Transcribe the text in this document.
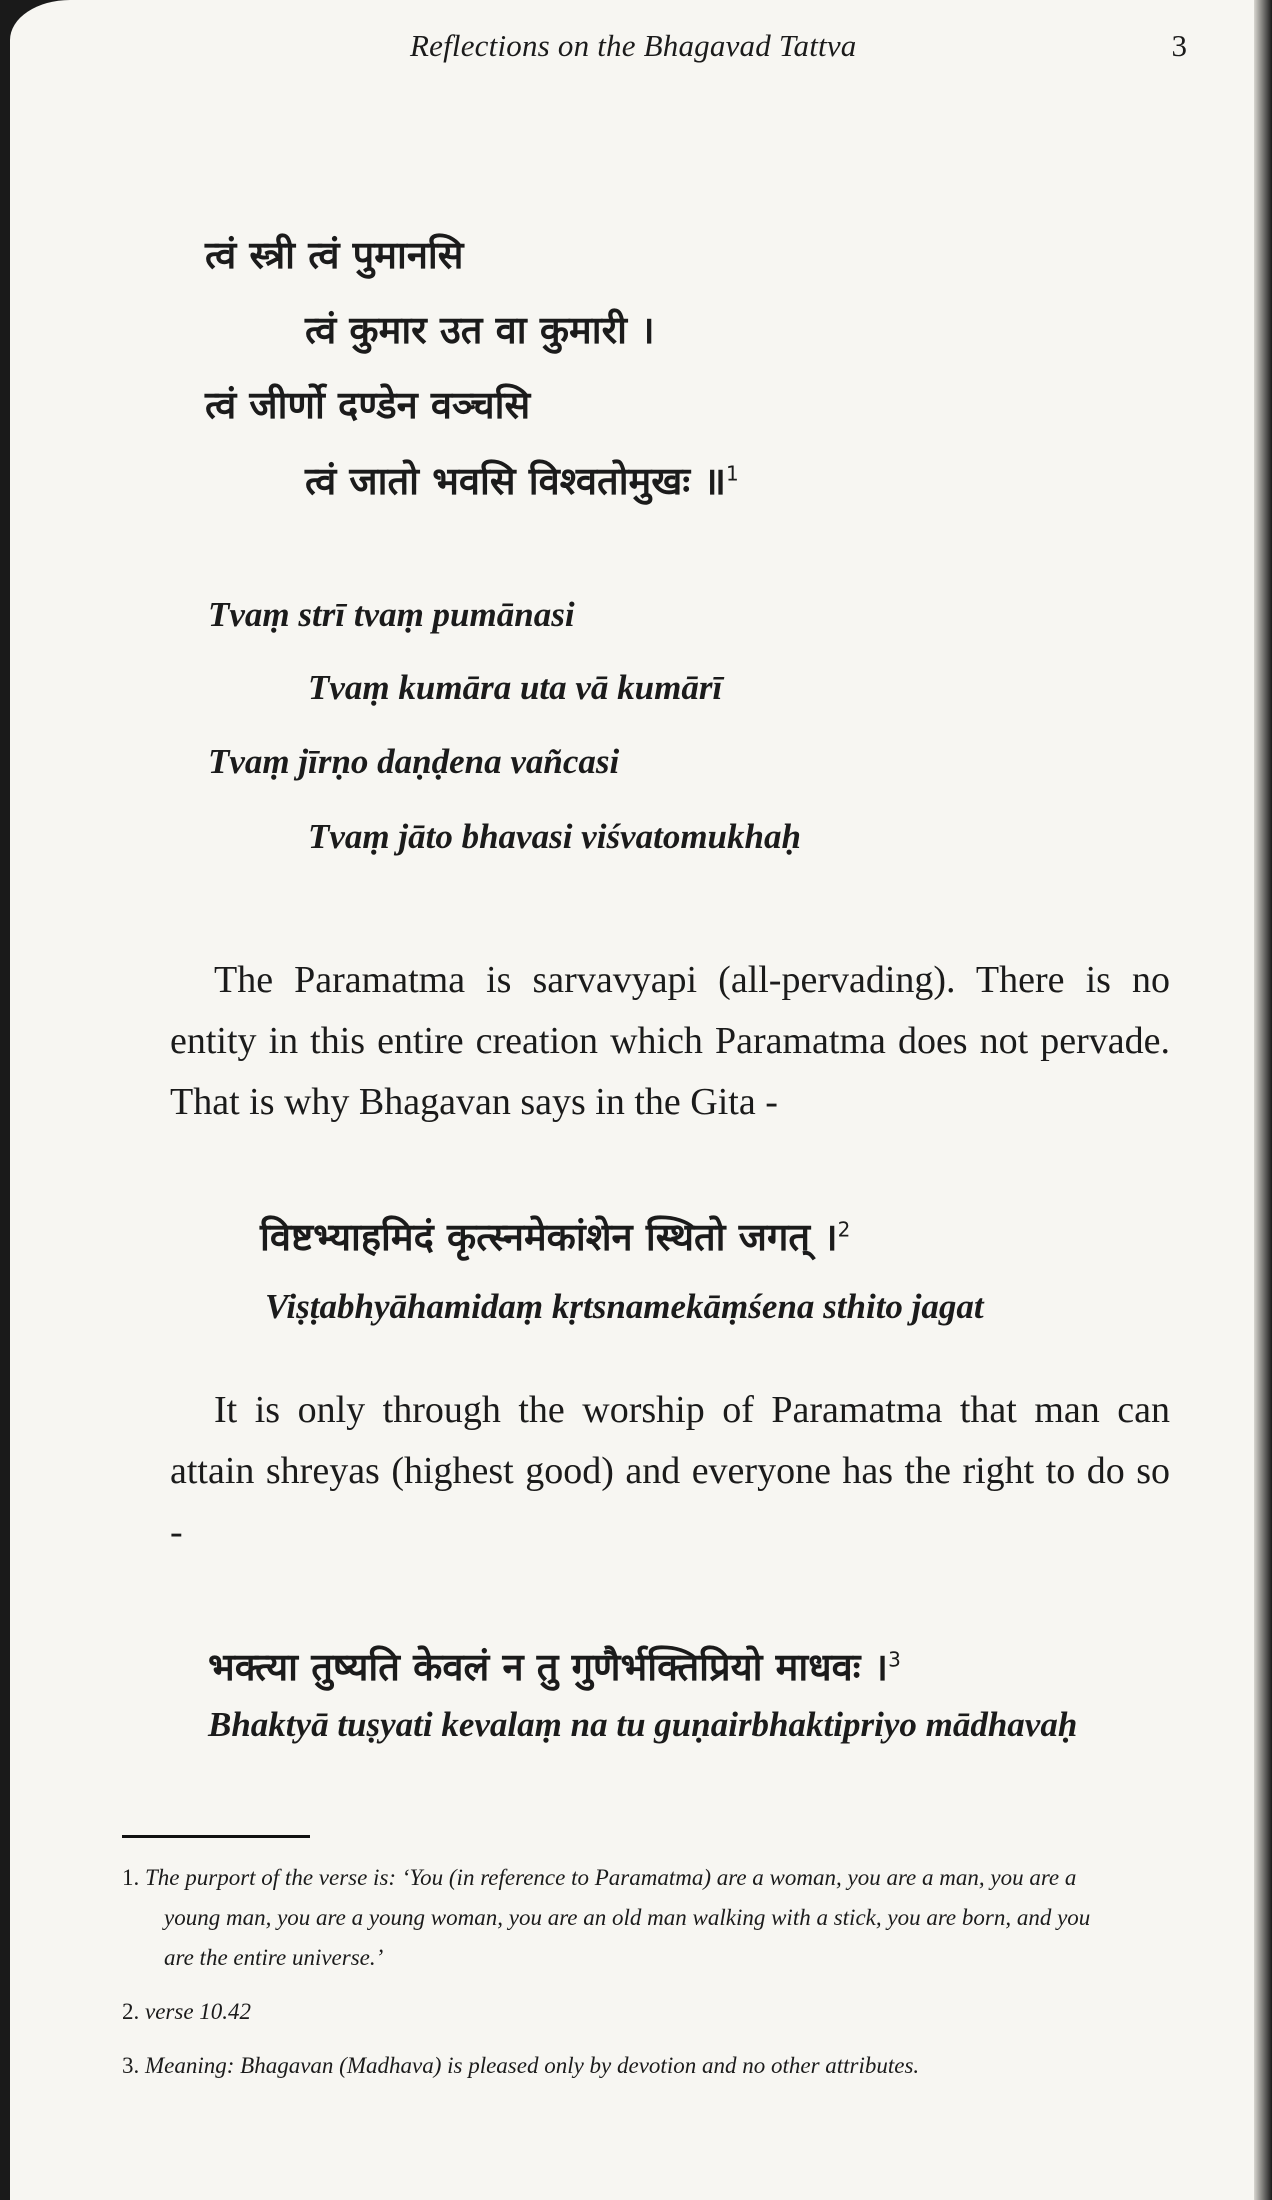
Reflections on the Bhagavad Tattva	3
त्वं स्त्री त्वं पुमानसि
त्वं कुमार उत वा कुमारी ।
त्वं जीर्णो दण्डेन वञ्चसि
त्वं जातो भवसि विश्वतोमुखः ॥$^1$
Tvaṃ strī tvaṃ pumānasi
Tvaṃ kumāra uta vā kumārī
Tvaṃ jīrṇo daṇḍena vañcasi
Tvaṃ jāto bhavasi viśvatomukhaḥ
The Paramatma is sarvavyapi (all-pervading). There is no entity in this entire creation which Paramatma does not pervade. That is why Bhagavan says in the Gita -
विष्टभ्याहमिदं कृत्स्नमेकांशेन स्थितो जगत् ।$^2$
Viṣṭabhyāhamidaṃ kṛtsnamekāṃśena sthito jagat
It is only through the worship of Paramatma that man can attain shreyas (highest good) and everyone has the right to do so -
भक्त्या तुष्यति केवलं न तु गुणैर्भक्तिप्रियो माधवः ।$^3$
Bhaktyā tuṣyati kevalaṃ na tu guṇairbhaktipriyo mādhavaḥ
1. The purport of the verse is: ‘You (in reference to Paramatma) are a woman, you are a man, you are a young man, you are a young woman, you are an old man walking with a stick, you are born, and you are the entire universe.’
2. verse 10.42
3. Meaning: Bhagavan (Madhava) is pleased only by devotion and no other attributes.
